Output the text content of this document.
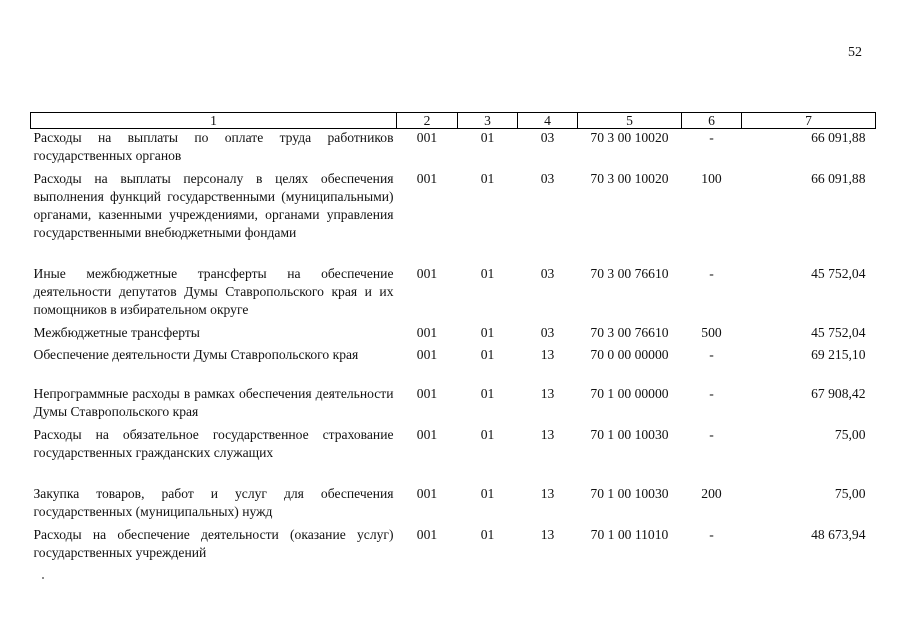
52
1	2	3	4	5	6	7
Расходы на выплаты по оплате труда работников государственных органов	001	01	03	70 3 00 10020	-	66 091,88
Расходы на выплаты персоналу в целях обеспечения выполнения функций государственными (муниципальными) органами, казенными учреждениями, органами управления государственными внебюджетными фондами	001	01	03	70 3 00 10020	100	66 091,88
Иные межбюджетные трансферты на обеспечение деятельности депутатов Думы Ставропольского края и их помощников в избирательном округе	001	01	03	70 3 00 76610	-	45 752,04
Межбюджетные трансферты	001	01	03	70 3 00 76610	500	45 752,04
Обеспечение деятельности Думы Ставропольского края	001	01	13	70 0 00 00000	-	69 215,10
Непрограммные расходы в рамках обеспечения деятельности Думы Ставропольского края	001	01	13	70 1 00 00000	-	67 908,42
Расходы на обязательное государственное страхование государственных гражданских служащих	001	01	13	70 1 00 10030	-	75,00
Закупка товаров, работ и услуг для обеспечения государственных (муниципальных) нужд	001	01	13	70 1 00 10030	200	75,00
Расходы на обеспечение деятельности (оказание услуг) государственных учреждений	001	01	13	70 1 00 11010	-	48 673,94
